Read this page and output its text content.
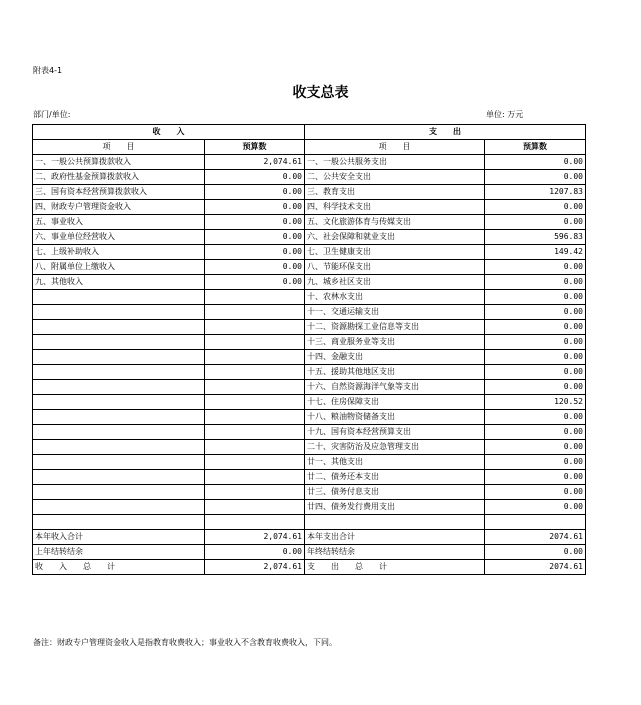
附表4-1
收支总表
部门/单位:	单位: 万元
收　　入		支　　出	
项　　目	预算数	项　　目	预算数
一、一般公共预算拨款收入	2,074.61	一、一般公共服务支出	0.00
二、政府性基金预算拨款收入	0.00	二、公共安全支出	0.00
三、国有资本经营预算拨款收入	0.00	三、教育支出	1207.83
四、财政专户管理资金收入	0.00	四、科学技术支出	0.00
五、事业收入	0.00	五、文化旅游体育与传媒支出	0.00
六、事业单位经营收入	0.00	六、社会保障和就业支出	596.83
七、上级补助收入	0.00	七、卫生健康支出	149.42
八、附属单位上缴收入	0.00	八、节能环保支出	0.00
九、其他收入	0.00	九、城乡社区支出	0.00
		十、农林水支出	0.00
		十一、交通运输支出	0.00
		十二、资源勘探工业信息等支出	0.00
		十三、商业服务业等支出	0.00
		十四、金融支出	0.00
		十五、援助其他地区支出	0.00
		十六、自然资源海洋气象等支出	0.00
		十七、住房保障支出	120.52
		十八、粮油物资储备支出	0.00
		十九、国有资本经营预算支出	0.00
		二十、灾害防治及应急管理支出	0.00
		廿一、其他支出	0.00
		廿二、债务还本支出	0.00
		廿三、债务付息支出	0.00
		廿四、债务发行费用支出	0.00

本年收入合计	2,074.61	本年支出合计	2074.61
上年结转结余	0.00	年终结转结余	0.00
收　　入　　总　　计	2,074.61	支　　出　　总　　计	2074.61
备注：财政专户管理资金收入是指教育收费收入；事业收入不含教育收费收入，下同。
